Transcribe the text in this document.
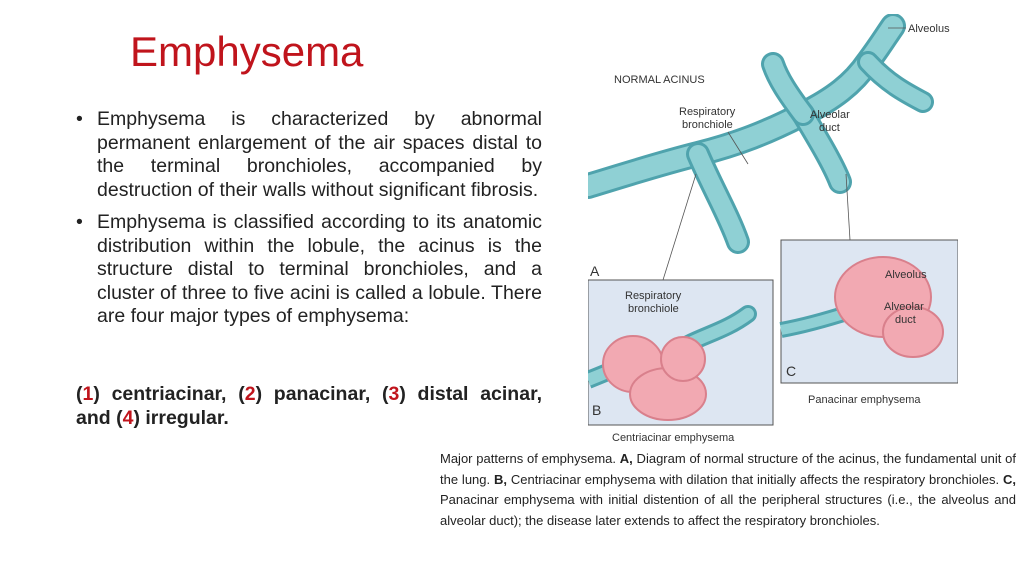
Emphysema
• Emphysema is characterized by abnormal permanent enlargement of the air spaces distal to the terminal bronchioles, accompanied by destruction of their walls without significant fibrosis.
• Emphysema is classified according to its anatomic distribution within the lobule, the acinus is the structure distal to terminal bronchioles, and a cluster of three to five acini is called a lobule. There are four major types of emphysema:
(1) centriacinar, (2) panacinar, (3) distal acinar, and (4) irregular.
Alveolus
NORMAL ACINUS
Respiratory
bronchiole
Alveolar
duct
A
Respiratory
bronchiole
B
Centriacinar emphysema
Alveolus
Alveolar
duct
C
Panacinar emphysema
Major patterns of emphysema. A, Diagram of normal structure of the acinus, the fundamental unit of the lung. B, Centriacinar emphysema with dilation that initially affects the respiratory bronchioles. C, Panacinar emphysema with initial distention of all the peripheral structures (i.e., the alveolus and alveolar duct); the disease later extends to affect the respiratory bronchioles.
